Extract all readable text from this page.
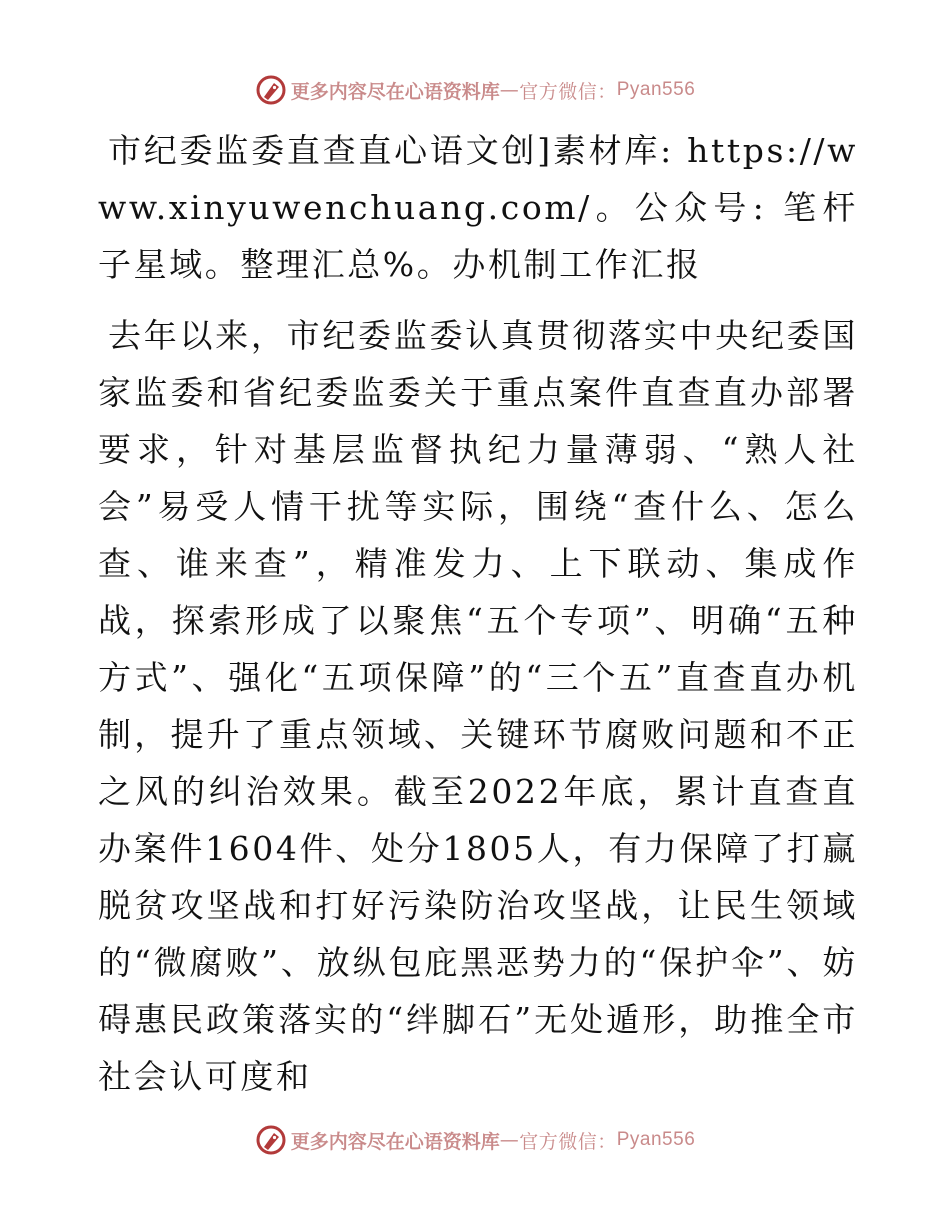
更多内容尽在心语资料库 — 官方微信： Pyan556

市纪委监委直查直心语文创]素材库: https://www.xinyuwenchuang.com/。公众号: 笔杆子星域。整理汇总%。办机制工作汇报

去年以来，市纪委监委认真贯彻落实中央纪委国家监委和省纪委监委关于重点案件直查直办部署要求，针对基层监督执纪力量薄弱、“熟人社会”易受人情干扰等实际，围绕“查什么、怎么查、谁来查”，精准发力、上下联动、集成作战，探索形成了以聚焦“五个专项”、明确“五种方式”、强化“五项保障”的“三个五”直查直办机制，提升了重点领域、关键环节腐败问题和不正之风的纠治效果。截至2022年底，累计直查直办案件1604件、处分1805人，有力保障了打赢脱贫攻坚战和打好污染防治攻坚战，让民生领域的“微腐败”、放纵包庇黑恶势力的“保护伞”、妨碍惠民政策落实的“绊脚石”无处遁形，助推全市社会认可度和

更多内容尽在心语资料库 — 官方微信： Pyan556
